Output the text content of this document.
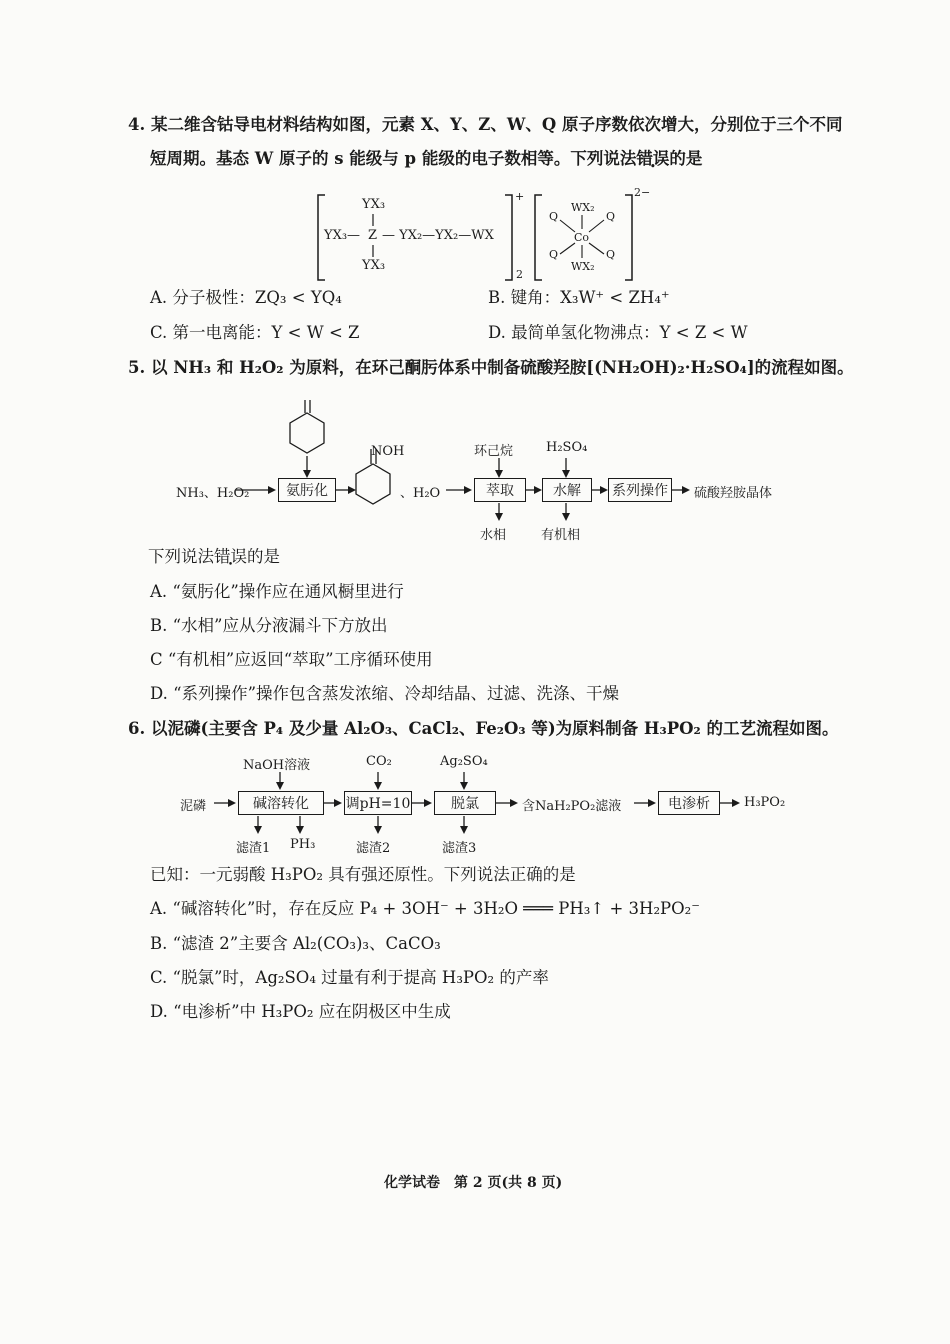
4. 某二维含钴导电材料结构如图，元素 X、Y、Z、W、Q 原子序数依次增大，分别位于三个不同
短周期。基态 W 原子的 s 能级与 p 能级的电子数相等。下列说法错误的是
YX₃
YX₃— Z — YX₂—YX₂—WX
YX₃
+
2
WX₂
Co
WX₂
Q	Q
Q	Q
2−
A. 分子极性：ZQ₃ < YQ₄	B. 键角：X₃W⁺ < ZH₄⁺
C. 第一电离能：Y < W < Z	D. 最简单氢化物沸点：Y < Z < W
5. 以 NH₃ 和 H₂O₂ 为原料，在环己酮肟体系中制备硫酸羟胺[(NH₂OH)₂·H₂SO₄]的流程如图。
NH₃、H₂O₂	氨肟化
NOH
、H₂O
环己烷
萃取
水相
H₂SO₄
水解
有机相
系列操作	硫酸羟胺晶体
下列说法错误的是
A. “氨肟化”操作应在通风橱里进行
B. “水相”应从分液漏斗下方放出
C “有机相”应返回“萃取”工序循环使用
D. “系列操作”操作包含蒸发浓缩、冷却结晶、过滤、洗涤、干燥
6. 以泥磷(主要含 P₄ 及少量 Al₂O₃、CaCl₂、Fe₂O₃ 等)为原料制备 H₃PO₂ 的工艺流程如图。
泥磷
NaOH溶液
碱溶转化
滤渣1 PH₃
CO₂
调pH=10
滤渣2
Ag₂SO₄
脱氯
滤渣3
含NaH₂PO₂滤液	电渗析	H₃PO₂
已知：一元弱酸 H₃PO₂ 具有强还原性。下列说法正确的是
A. “碱溶转化”时，存在反应 P₄ + 3OH⁻ + 3H₂O ═══ PH₃↑ + 3H₂PO₂⁻
B. “滤渣 2”主要含 Al₂(CO₃)₃、CaCO₃
C. “脱氯”时，Ag₂SO₄ 过量有利于提高 H₃PO₂ 的产率
D. “电渗析”中 H₃PO₂ 应在阴极区中生成
化学试卷　第 2 页(共 8 页)
